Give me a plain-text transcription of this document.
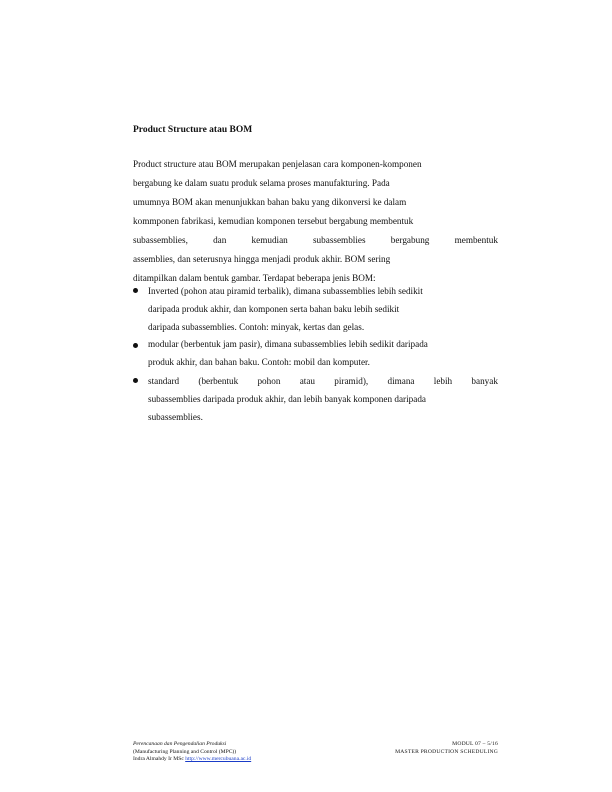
Product Structure atau BOM
Product structure atau BOM merupakan penjelasan cara komponen-komponen
bergabung ke dalam suatu produk selama proses manufakturing. Pada
umumnya BOM akan menunjukkan bahan baku yang dikonversi ke dalam
kommponen fabrikasi, kemudian komponen tersebut bergabung membentuk
subassemblies,	dan	kemudian	subassemblies	bergabung	membentuk
assemblies, dan seterusnya hingga menjadi produk akhir. BOM sering
ditampilkan dalam bentuk gambar. Terdapat beberapa jenis BOM:
Inverted (pohon atau piramid terbalik), dimana subassemblies lebih sedikit
daripada produk akhir, dan komponen serta bahan baku lebih sedikit
daripada subassemblies. Contoh: minyak, kertas dan gelas.
modular (berbentuk jam pasir), dimana subassemblies lebih sedikit daripada
produk akhir, dan bahan baku. Contoh: mobil dan komputer.
standard (berbentuk pohon atau piramid), dimana lebih banyak
subassemblies daripada produk akhir, dan lebih banyak komponen daripada
subassemblies.
Perencanaan dan Pengendalian Produksi
(Manufacturing Planning and Control (MPC))
Indra Almahdy Ir MSc http://www.mercubuana.ac.id
MODUL 07 – 5/16
MASTER PRODUCTION SCHEDULING
